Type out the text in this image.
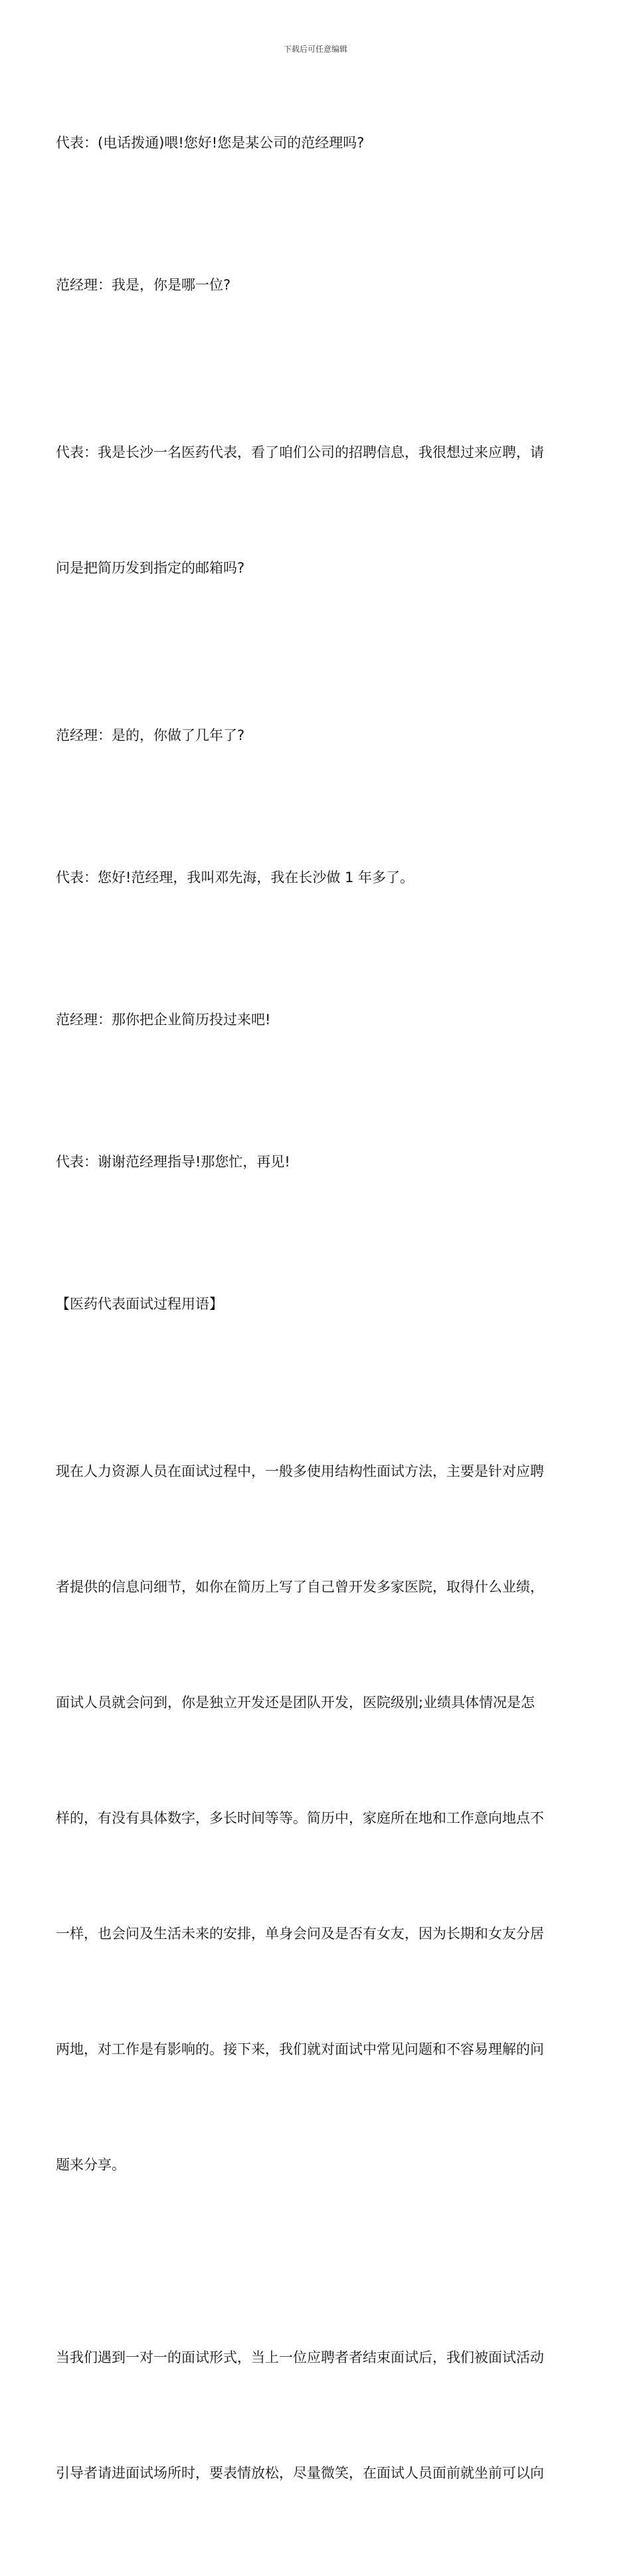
下载后可任意编辑

代表：(电话拨通)喂!您好!您是某公司的范经理吗?

范经理：我是，你是哪一位?

代表：我是长沙一名医药代表，看了咱们公司的招聘信息，我很想过来应聘，请

问是把简历发到指定的邮箱吗?

范经理：是的，你做了几年了?

代表：您好!范经理，我叫邓先海，我在长沙做 1 年多了。

范经理：那你把企业简历投过来吧!

代表：谢谢范经理指导!那您忙，再见!

【医药代表面试过程用语】

现在人力资源人员在面试过程中，一般多使用结构性面试方法，主要是针对应聘

者提供的信息问细节，如你在简历上写了自己曾开发多家医院，取得什么业绩，

面试人员就会问到，你是独立开发还是团队开发，医院级别;业绩具体情况是怎

样的，有没有具体数字，多长时间等等。简历中，家庭所在地和工作意向地点不

一样，也会问及生活未来的安排，单身会问及是否有女友，因为长期和女友分居

两地，对工作是有影响的。接下来，我们就对面试中常见问题和不容易理解的问

题来分享。

当我们遇到一对一的面试形式，当上一位应聘者者结束面试后，我们被面试活动

引导者请进面试场所时，要表情放松，尽量微笑，在面试人员面前就坐前可以向
